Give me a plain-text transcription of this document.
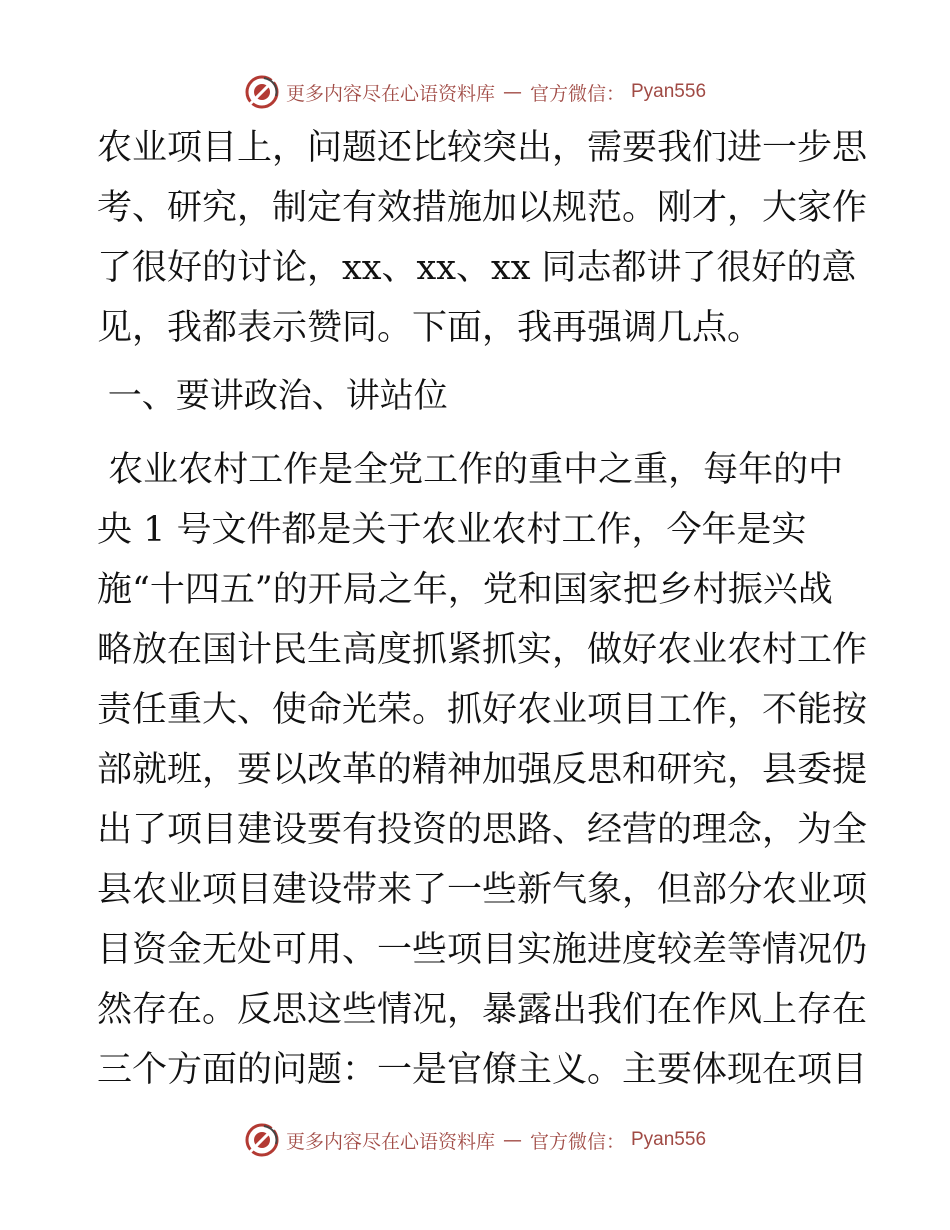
更多内容尽在心语资料库 — 官方微信： Pyan556
农业项目上，问题还比较突出，需要我们进一步思
考、研究，制定有效措施加以规范。刚才，大家作
了很好的讨论，xx、xx、xx 同志都讲了很好的意
见，我都表示赞同。下面，我再强调几点。
一、要讲政治、讲站位
农业农村工作是全党工作的重中之重，每年的中
央 1 号文件都是关于农业农村工作，今年是实
施“十四五”的开局之年，党和国家把乡村振兴战
略放在国计民生高度抓紧抓实，做好农业农村工作
责任重大、使命光荣。抓好农业项目工作，不能按
部就班，要以改革的精神加强反思和研究，县委提
出了项目建设要有投资的思路、经营的理念，为全
县农业项目建设带来了一些新气象，但部分农业项
目资金无处可用、一些项目实施进度较差等情况仍
然存在。反思这些情况，暴露出我们在作风上存在
三个方面的问题：一是官僚主义。主要体现在项目
更多内容尽在心语资料库 — 官方微信： Pyan556
